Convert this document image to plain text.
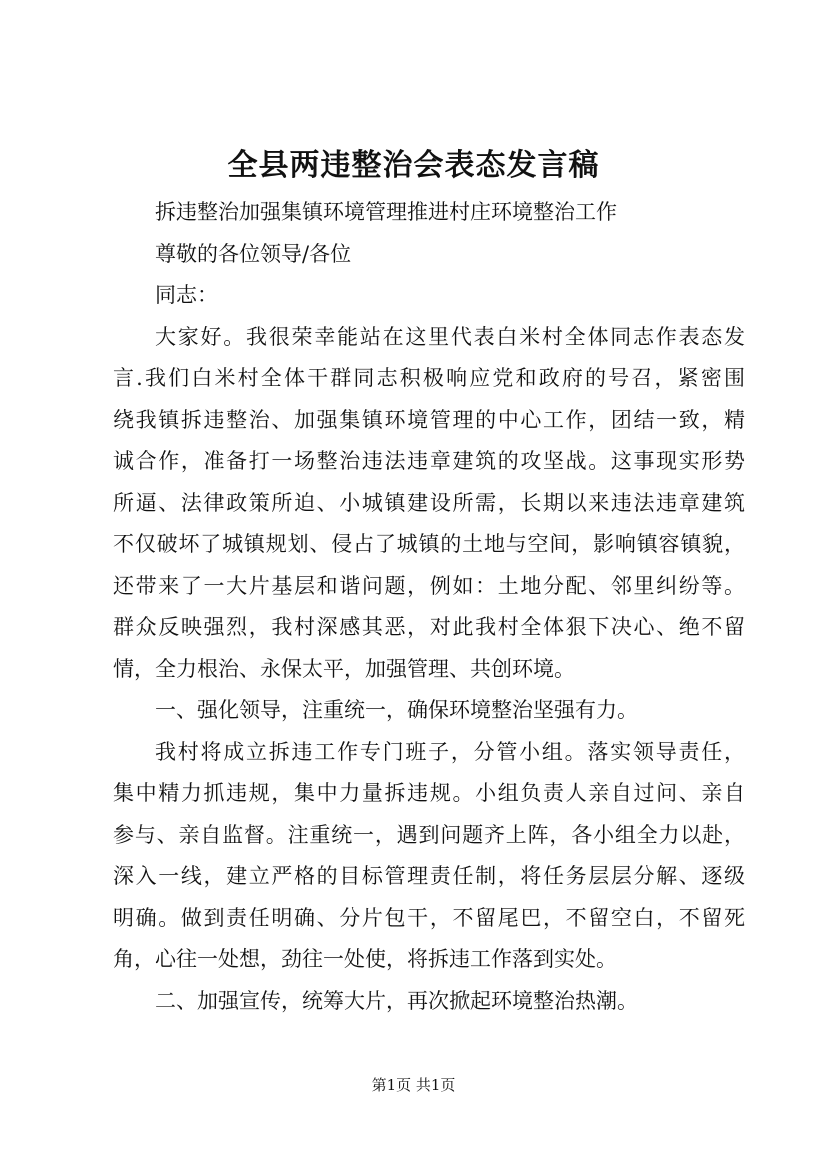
全县两违整治会表态发言稿
拆违整治加强集镇环境管理推进村庄环境整治工作
尊敬的各位领导/各位
同志：
大家好。我很荣幸能站在这里代表白米村全体同志作表态发
言.我们白米村全体干群同志积极响应党和政府的号召，紧密围
绕我镇拆违整治、加强集镇环境管理的中心工作，团结一致，精
诚合作，准备打一场整治违法违章建筑的攻坚战。这事现实形势
所逼、法律政策所迫、小城镇建设所需，长期以来违法违章建筑
不仅破坏了城镇规划、侵占了城镇的土地与空间，影响镇容镇貌，
还带来了一大片基层和谐问题，例如：土地分配、邻里纠纷等。
群众反映强烈，我村深感其恶，对此我村全体狠下决心、绝不留
情，全力根治、永保太平，加强管理、共创环境。
一、强化领导，注重统一，确保环境整治坚强有力。
我村将成立拆违工作专门班子，分管小组。落实领导责任，
集中精力抓违规，集中力量拆违规。小组负责人亲自过问、亲自
参与、亲自监督。注重统一，遇到问题齐上阵，各小组全力以赴，
深入一线，建立严格的目标管理责任制，将任务层层分解、逐级
明确。做到责任明确、分片包干，不留尾巴，不留空白，不留死
角，心往一处想，劲往一处使，将拆违工作落到实处。
二、加强宣传，统筹大片，再次掀起环境整治热潮。
第1页 共1页
